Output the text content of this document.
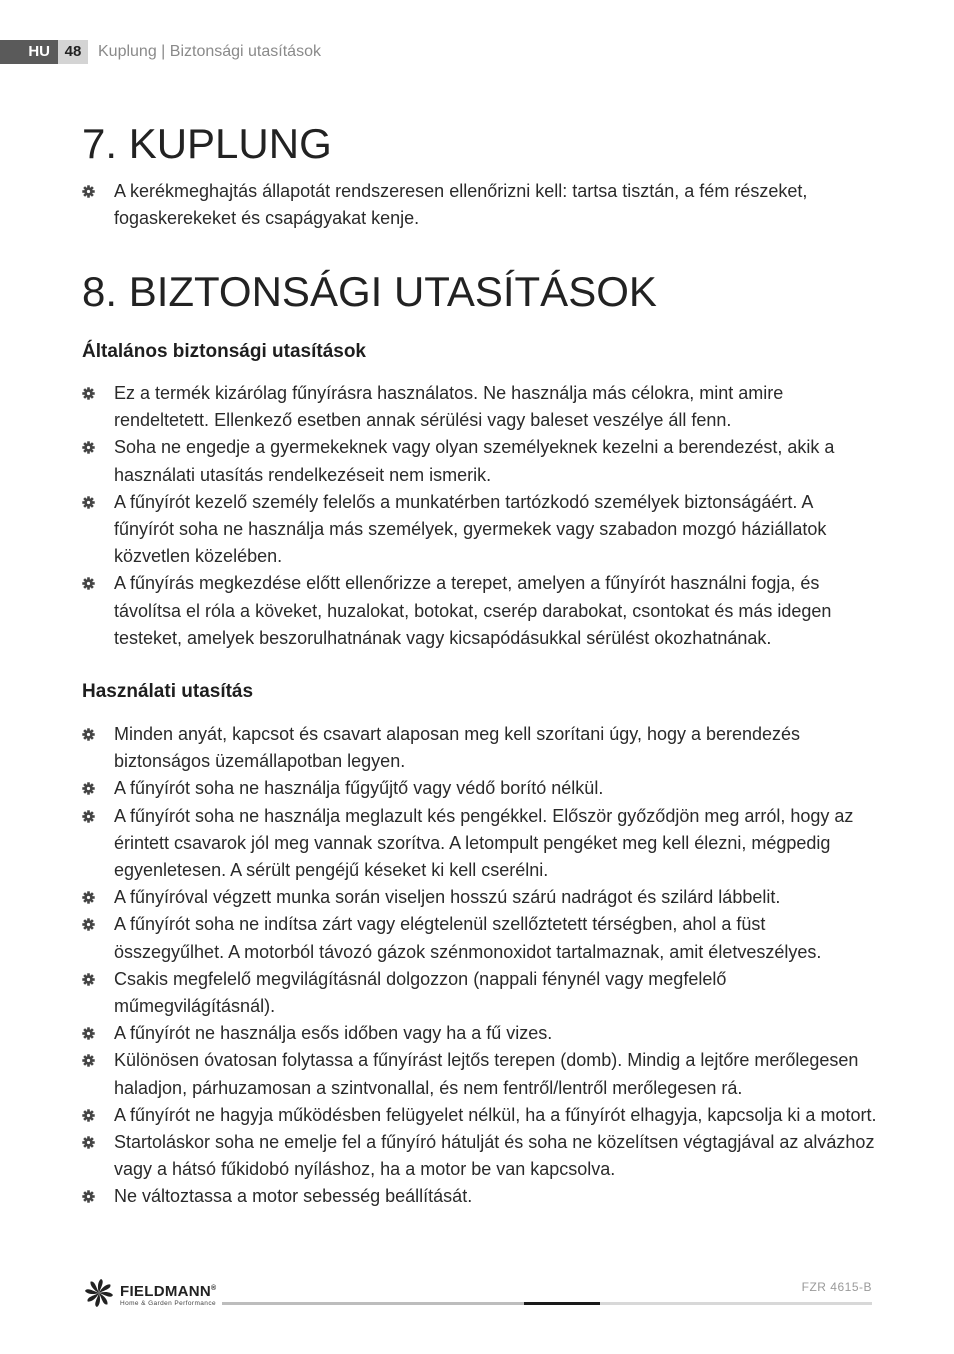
HU 48	Kuplung | Biztonsági utasítások
7. KUPLUNG
A kerékmeghajtás állapotát rendszeresen ellenőrizni kell: tartsa tisztán, a fém részeket, fogaskerekeket és csapágyakat kenje.
8. BIZTONSÁGI UTASÍTÁSOK
Általános biztonsági utasítások
Ez a termék kizárólag fűnyírásra használatos. Ne használja más célokra, mint amire rendeltetett. Ellenkező esetben annak sérülési vagy baleset veszélye áll fenn.
Soha ne engedje a gyermekeknek vagy olyan személyeknek kezelni a berendezést, akik a használati utasítás rendelkezéseit nem ismerik.
A fűnyírót kezelő személy felelős a munkatérben tartózkodó személyek biztonságáért. A fűnyírót soha ne használja más személyek, gyermekek vagy szabadon mozgó háziállatok közvetlen közelében.
A fűnyírás megkezdése előtt ellenőrizze a terepet, amelyen a fűnyírót használni fogja, és távolítsa el róla a köveket, huzalokat, botokat, cserép darabokat, csontokat és más idegen testeket, amelyek beszorulhatnának vagy kicsapódásukkal sérülést okozhatnának.
Használati utasítás
Minden anyát, kapcsot és csavart alaposan meg kell szorítani úgy, hogy a berendezés biztonságos üzemállapotban legyen.
A fűnyírót soha ne használja fűgyűjtő vagy védő borító nélkül.
A fűnyírót soha ne használja meglazult kés pengékkel. Először győződjön meg arról, hogy az érintett csavarok jól meg vannak szorítva. A letompult pengéket meg kell élezni, mégpedig egyenletesen. A sérült pengéjű késeket ki kell cserélni.
A fűnyíróval végzett munka során viseljen hosszú szárú nadrágot és szilárd lábbelit.
A fűnyírót soha ne indítsa zárt vagy elégtelenül szellőztetett térségben, ahol a füst összegyűlhet. A motorból távozó gázok szénmonoxidot tartalmaznak, amit életveszélyes.
Csakis megfelelő megvilágításnál dolgozzon (nappali fénynél vagy megfelelő műmegvilágításnál).
A fűnyírót ne használja esős időben vagy ha a fű vizes.
Különösen óvatosan folytassa a fűnyírást lejtős terepen (domb). Mindig a lejtőre merőlegesen haladjon, párhuzamosan a szintvonallal, és nem fentről/lentről merőlegesen rá.
A fűnyírót ne hagyja működésben felügyelet nélkül, ha a fűnyírót elhagyja, kapcsolja ki a motort.
Startoláskor soha ne emelje fel a fűnyíró hátulját és soha ne közelítsen végtagjával az alvázhoz vagy a hátsó fűkidobó nyíláshoz, ha a motor be van kapcsolva.
Ne változtassa a motor sebesség beállítását.
FIELDMANN®
Home & Garden Performance
FZR 4615-B
